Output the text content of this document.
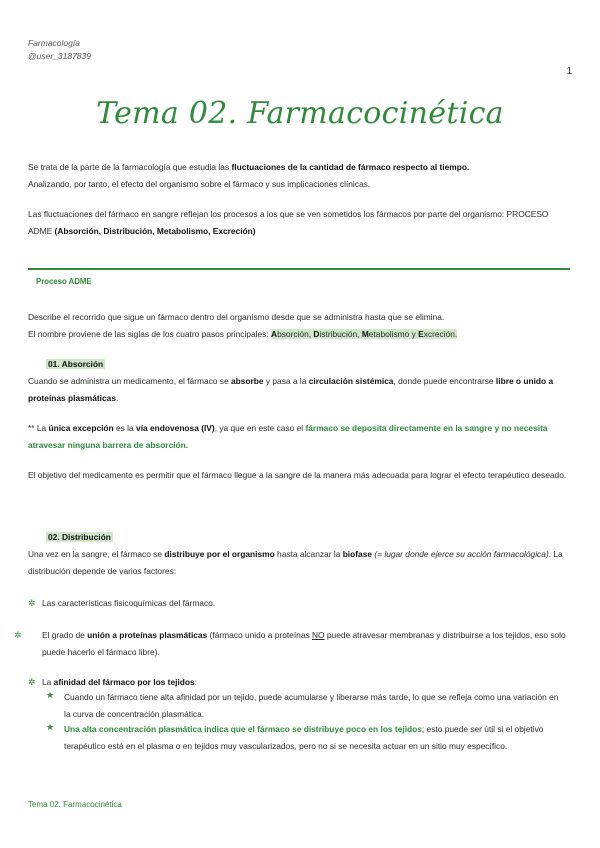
Farmacología
@user_3187839
1
Tema 02. Farmacocinética
Se trata de la parte de la farmacología que estudia las fluctuaciones de la cantidad de fármaco respecto al tiempo.
Analizando, por tanto, el efecto del organismo sobre el fármaco y sus implicaciones clínicas.
Las fluctuaciones del fármaco en sangre reflejan los procesos a los que se ven sometidos los fármacos por parte del organismo: PROCESO ADME (Absorción, Distribución, Metabolismo, Excreción)
Proceso ADME
Describe el recorrido que sigue un fármaco dentro del organismo desde que se administra hasta que se elimina.
El nombre proviene de las siglas de los cuatro pasos principales: Absorción, Distribución, Metabolismo y Excreción.
01. Absorción
Cuando se administra un medicamento, el fármaco se absorbe y pasa a la circulación sistémica, donde puede encontrarse libre o unido a proteínas plasmáticas.
** La única excepción es la vía endovenosa (IV), ya que en este caso el fármaco se deposita directamente en la sangre y no necesita atravesar ninguna barrera de absorción.
El objetivo del medicamento es permitir que el fármaco llegue a la sangre de la manera más adecuada para lograr el efecto terapéutico deseado.
02. Distribución
Una vez en la sangre, el fármaco se distribuye por el organismo hasta alcanzar la biofase (= lugar donde ejerce su acción farmacológica). La distribución depende de varios factores:
✲ Las características fisicoquímicas del fármaco.
✲ El grado de unión a proteínas plasmáticas (fármaco unido a proteínas NO puede atravesar membranas y distribuirse a los tejidos, eso solo puede hacerlo el fármaco libre).
✲ La afinidad del fármaco por los tejidos:
★ Cuando un fármaco tiene alta afinidad por un tejido, puede acumularse y liberarse más tarde, lo que se refleja como una variación en la curva de concentración plasmática.
★ Una alta concentración plasmática indica que el fármaco se distribuye poco en los tejidos; esto puede ser útil si el objetivo terapéutico está en el plasma o en tejidos muy vascularizados, pero no si se necesita actuar en un sitio muy específico.
Tema 02. Farmacocinética
